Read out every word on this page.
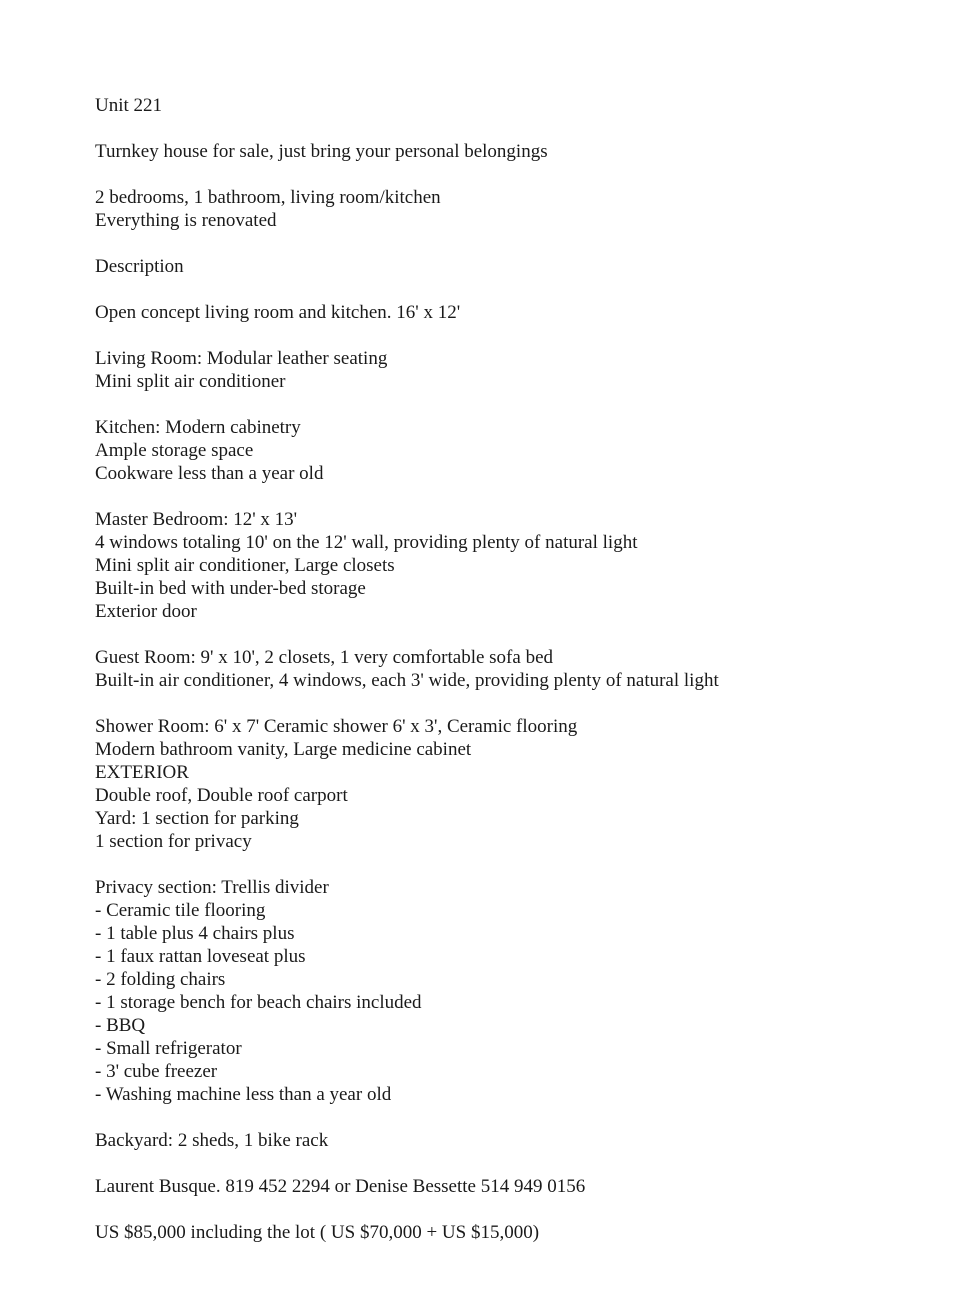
Unit 221
Turnkey house for sale, just bring your personal belongings
2 bedrooms, 1 bathroom, living room/kitchen
Everything is renovated
Description
Open concept living room and kitchen. 16' x 12'
Living Room: Modular leather seating
Mini split air conditioner
Kitchen: Modern cabinetry
Ample storage space
Cookware less than a year old
Master Bedroom: 12' x 13'
4 windows totaling 10' on the 12' wall, providing plenty of natural light
Mini split air conditioner, Large closets
Built-in bed with under-bed storage
Exterior door
Guest Room: 9' x 10', 2 closets, 1 very comfortable sofa bed
Built-in air conditioner, 4 windows, each 3' wide, providing plenty of natural light
Shower Room: 6' x 7' Ceramic shower 6' x 3', Ceramic flooring
Modern bathroom vanity, Large medicine cabinet
EXTERIOR
Double roof, Double roof carport
Yard: 1 section for parking
1 section for privacy
Privacy section: Trellis divider
- Ceramic tile flooring
- 1 table plus 4 chairs plus
- 1 faux rattan loveseat plus
- 2 folding chairs
- 1 storage bench for beach chairs included
- BBQ
- Small refrigerator
- 3' cube freezer
- Washing machine less than a year old
Backyard: 2 sheds, 1 bike rack
Laurent Busque. 819 452 2294 or Denise Bessette 514 949 0156
US $85,000 including the lot ( US $70,000 + US $15,000)
